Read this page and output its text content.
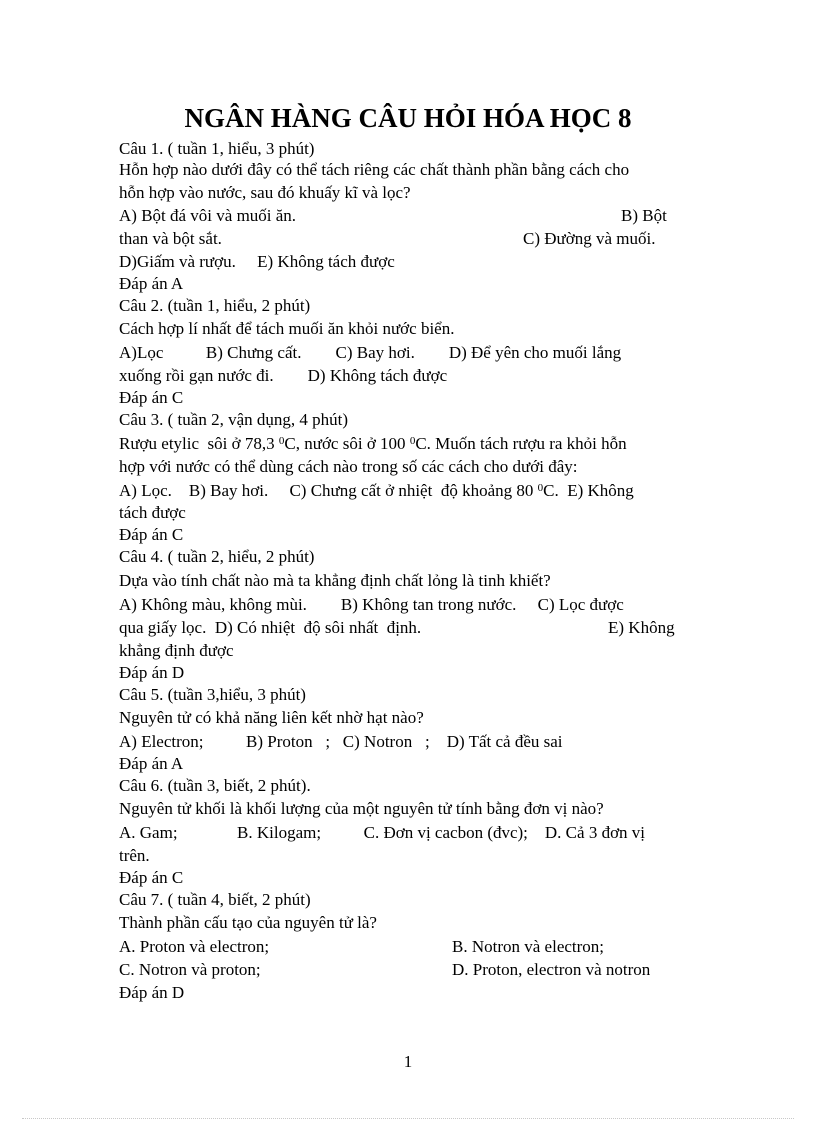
NGÂN HÀNG CÂU HỎI HÓA HỌC 8
Câu 1. ( tuần 1, hiểu, 3 phút)
Hỗn hợp nào dưới đây có thể tách riêng các chất thành phần bằng cách cho
hỗn hợp vào nước, sau đó khuấy kĩ và lọc?
A) Bột đá vôi và muối ăn.	B) Bột
than và bột sắt.	C) Đường và muối.
D)Giấm và rượu.     E) Không tách được
Đáp án A
Câu 2. (tuần 1, hiểu, 2 phút)
Cách hợp lí nhất để tách muối ăn khỏi nước biển.
A)Lọc          B) Chưng cất.        C) Bay hơi.        D) Để yên cho muối lắng
xuống rồi gạn nước đi.        D) Không tách được
Đáp án C
Câu 3. ( tuần 2, vận dụng, 4 phút)
Rượu etylic  sôi ở 78,3 $^0$C, nước sôi ở 100 $^0$C. Muốn tách rượu ra khỏi hỗn
hợp với nước có thể dùng cách nào trong số các cách cho dưới đây:
A) Lọc.    B) Bay hơi.     C) Chưng cất ở nhiệt  độ khoảng 80 $^0$C.  E) Không
tách được
Đáp án C
Câu 4. ( tuần 2, hiểu, 2 phút)
Dựa vào tính chất nào mà ta khẳng định chất lỏng là tinh khiết?
A) Không màu, không mùi.        B) Không tan trong nước.     C) Lọc được
qua giấy lọc.  D) Có nhiệt  độ sôi nhất  định.	E) Không
khẳng định được
Đáp án D
Câu 5. (tuần 3,hiểu, 3 phút)
Nguyên tử có khả năng liên kết nhờ hạt nào?
A) Electron;          B) Proton   ;   C) Notron   ;    D) Tất cả đều sai
Đáp án A
Câu 6. (tuần 3, biết, 2 phút).
Nguyên tử khối là khối lượng của một nguyên tử tính bằng đơn vị nào?
A. Gam;              B. Kilogam;          C. Đơn vị cacbon (đvc);    D. Cả 3 đơn vị
trên.
Đáp án C
Câu 7. ( tuần 4, biết, 2 phút)
Thành phần cấu tạo của nguyên tử là?
A. Proton và electron;	B. Notron và electron;
C. Notron và proton;	D. Proton, electron và notron
Đáp án D
1
